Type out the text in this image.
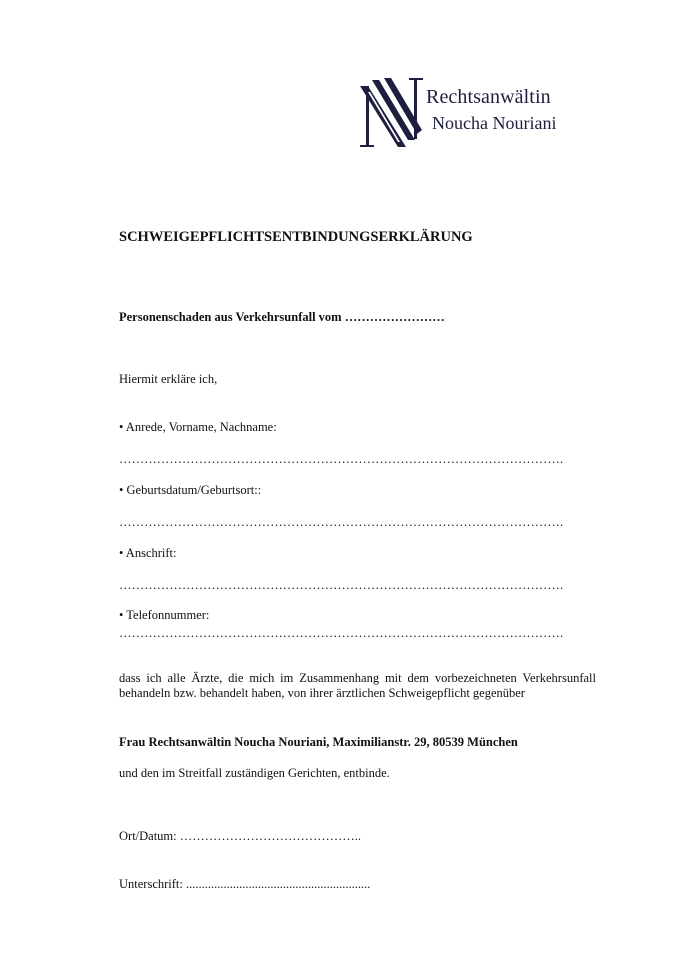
Rechtsanwältin
Noucha Nouriani
SCHWEIGEPFLICHTSENTBINDUNGSERKLÄRUNG
Personenschaden aus Verkehrsunfall vom ……………………
Hiermit erkläre ich,
• Anrede, Vorname, Nachname:
…………………………………………………………………………………………….
• Geburtsdatum/Geburtsort::
…………………………………………………………………………………………….
• Anschrift:
…………………………………………………………………………………………….
• Telefonnummer:
…………………………………………………………………………………………….
dass ich alle Ärzte, die mich im Zusammenhang mit dem vorbezeichneten Verkehrsunfall behandeln bzw. behandelt haben, von ihrer ärztlichen Schweigepflicht gegenüber
Frau Rechtsanwältin Noucha Nouriani, Maximilianstr. 29, 80539 München
und den im Streitfall zuständigen Gerichten, entbinde.
Ort/Datum: ……………………………………..
Unterschrift: ...........................................................
